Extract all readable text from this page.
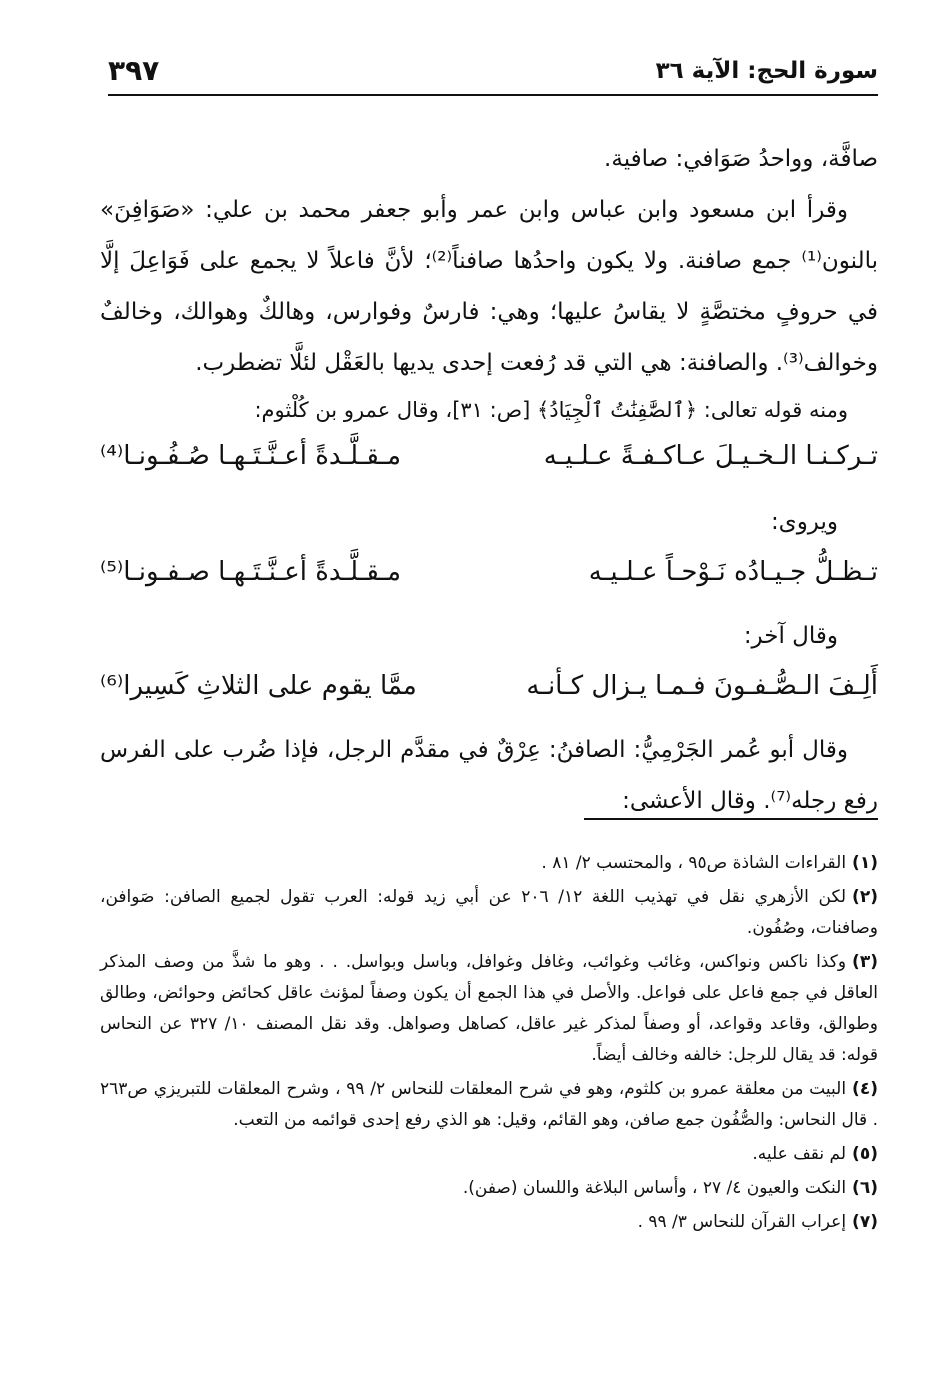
سورة الحج: الآية ٣٦
٣٩٧

صافَّة، وواحدُ صَوَافي: صافية.

وقرأ ابن مسعود وابن عباس وابن عمر وأبو جعفر محمد بن علي: «صَوَافِنَ» بالنون⁽¹⁾ جمع صافنة. ولا يكون واحدُها صافناً⁽²⁾؛ لأنَّ فاعلاً لا يجمع على فَوَاعِلَ إلَّا في حروفٍ مختصَّةٍ لا يقاسُ عليها؛ وهي: فارسٌ وفوارس، وهالكٌ وهوالك، وخالفٌ وخوالف⁽³⁾. والصافنة: هي التي قد رُفعت إحدى يديها بالعَقْل لئلَّا تضطرب.

ومنه قوله تعالى: ﴿ٱلصَّٰفِنَٰتُ ٱلْجِيَادُ﴾ [ص: ٣١]، وقال عمرو بن كُلْثوم:

تـركـنـا الـخـيـلَ عـاكـفـةً عـلـيـه
مـقـلَّـدةً أعـنَّـتَـهـا صُـفُـونـا⁽⁴⁾

ويروى:

تـظـلُّ جـيـادُه نَـوْحـاً عـلـيـه
مـقـلَّـدةً أعـنَّـتَـهـا صـفـونـا⁽⁵⁾

وقال آخر:

أَلِـفَ الـصُّـفـونَ فـمـا يـزال كـأنـه
ممَّا يقوم على الثلاثِ كَسِيرا⁽⁶⁾

وقال أبو عُمر الجَرْمِيُّ: الصافنُ: عِرْقٌ في مقدَّم الرجل، فإذا ضُرب على الفرس رفع رجله⁽⁷⁾. وقال الأعشى:

(١)القراءات الشاذة ص٩٥ ، والمحتسب ٢/ ٨١ .

(٢)لكن الأزهري نقل في تهذيب اللغة ١٢/ ٢٠٦ عن أبي زيد قوله: العرب تقول لجميع الصافن: صَوافن، وصافنات، وصُفُون.

(٣)وكذا ناكس ونواكس، وغائب وغوائب، وغافل وغوافل، وباسل وبواسل. . . وهو ما شذَّ من وصف المذكر العاقل في جمع فاعل على فواعل. والأصل في هذا الجمع أن يكون وصفاً لمؤنث عاقل كحائض وحوائض، وطالق وطوالق، وقاعد وقواعد، أو وصفاً لمذكر غير عاقل، كصاهل وصواهل. وقد نقل المصنف ١٠/ ٣٢٧ عن النحاس قوله: قد يقال للرجل: خالفه وخالف أيضاً.

(٤)البيت من معلقة عمرو بن كلثوم، وهو في شرح المعلقات للنحاس ٢/ ٩٩ ، وشرح المعلقات للتبريزي ص٢٦٣ . قال النحاس: والصُّفُون جمع صافن، وهو القائم، وقيل: هو الذي رفع إحدى قوائمه من التعب.

(٥)لم نقف عليه.

(٦)النكت والعيون ٤/ ٢٧ ، وأساس البلاغة واللسان (صفن).

(٧)إعراب القرآن للنحاس ٣/ ٩٩ .
